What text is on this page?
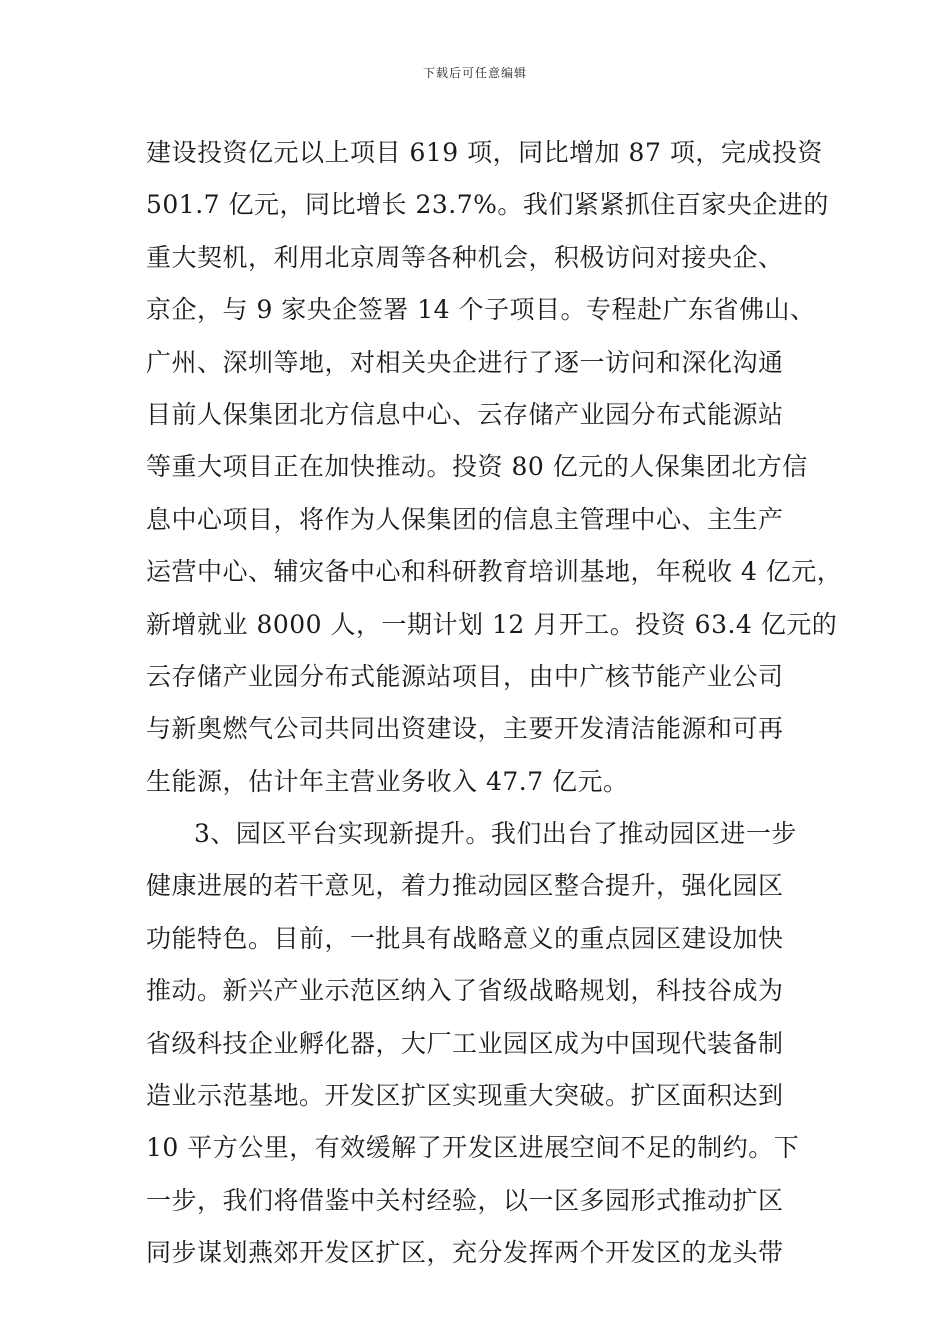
下载后可任意编辑
建设投资亿元以上项目 619 项，同比增加 87 项，完成投资
501.7 亿元，同比增长 23.7%。我们紧紧抓住百家央企进的
重大契机，利用北京周等各种机会，积极访问对接央企、
京企，与 9 家央企签署 14 个子项目。专程赴广东省佛山、
广州、深圳等地，对相关央企进行了逐一访问和深化沟通
目前人保集团北方信息中心、云存储产业园分布式能源站
等重大项目正在加快推动。投资 80 亿元的人保集团北方信
息中心项目，将作为人保集团的信息主管理中心、主生产
运营中心、辅灾备中心和科研教育培训基地，年税收 4 亿元，
新增就业 8000 人，一期计划 12 月开工。投资 63.4 亿元的
云存储产业园分布式能源站项目，由中广核节能产业公司
与新奥燃气公司共同出资建设，主要开发清洁能源和可再
生能源，估计年主营业务收入 47.7 亿元。
3、园区平台实现新提升。我们出台了推动园区进一步
健康进展的若干意见，着力推动园区整合提升，强化园区
功能特色。目前，一批具有战略意义的重点园区建设加快
推动。新兴产业示范区纳入了省级战略规划，科技谷成为
省级科技企业孵化器，大厂工业园区成为中国现代装备制
造业示范基地。开发区扩区实现重大突破。扩区面积达到
10 平方公里，有效缓解了开发区进展空间不足的制约。下
一步，我们将借鉴中关村经验，以一区多园形式推动扩区
同步谋划燕郊开发区扩区，充分发挥两个开发区的龙头带
